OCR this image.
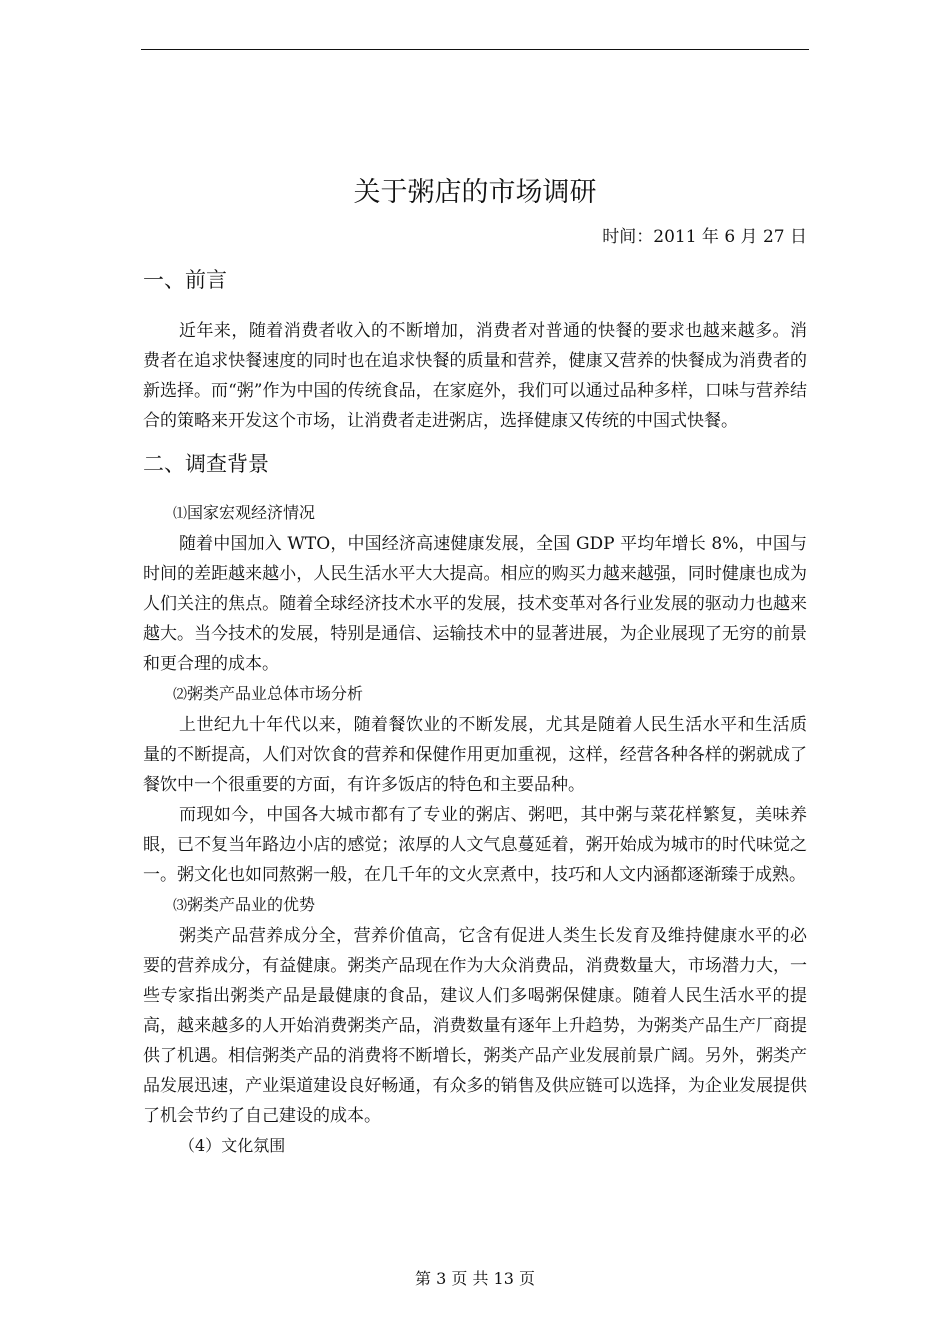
关于粥店的市场调研

时间：2011 年 6 月 27 日

一、前言

近年来，随着消费者收入的不断增加，消费者对普通的快餐的要求也越来越多。消费者在追求快餐速度的同时也在追求快餐的质量和营养，健康又营养的快餐成为消费者的新选择。而“粥”作为中国的传统食品，在家庭外，我们可以通过品种多样，口味与营养结合的策略来开发这个市场，让消费者走进粥店，选择健康又传统的中国式快餐。

二、调查背景

⑴国家宏观经济情况

随着中国加入 WTO，中国经济高速健康发展，全国 GDP 平均年增长 8%，中国与时间的差距越来越小，人民生活水平大大提高。相应的购买力越来越强，同时健康也成为人们关注的焦点。随着全球经济技术水平的发展，技术变革对各行业发展的驱动力也越来越大。当今技术的发展，特别是通信、运输技术中的显著进展，为企业展现了无穷的前景和更合理的成本。

⑵粥类产品业总体市场分析

上世纪九十年代以来，随着餐饮业的不断发展，尤其是随着人民生活水平和生活质量的不断提高，人们对饮食的营养和保健作用更加重视，这样，经营各种各样的粥就成了餐饮中一个很重要的方面，有许多饭店的特色和主要品种。

而现如今，中国各大城市都有了专业的粥店、粥吧，其中粥与菜花样繁复，美味养眼，已不复当年路边小店的感觉；浓厚的人文气息蔓延着，粥开始成为城市的时代味觉之一。粥文化也如同熬粥一般，在几千年的文火烹煮中，技巧和人文内涵都逐渐臻于成熟。

⑶粥类产品业的优势

粥类产品营养成分全，营养价值高，它含有促进人类生长发育及维持健康水平的必要的营养成分，有益健康。粥类产品现在作为大众消费品，消费数量大，市场潜力大，一些专家指出粥类产品是最健康的食品，建议人们多喝粥保健康。随着人民生活水平的提高，越来越多的人开始消费粥类产品，消费数量有逐年上升趋势，为粥类产品生产厂商提供了机遇。相信粥类产品的消费将不断增长，粥类产品产业发展前景广阔。另外，粥类产品发展迅速，产业渠道建设良好畅通，有众多的销售及供应链可以选择，为企业发展提供了机会节约了自己建设的成本。

（4）文化氛围

第 3 页 共 13 页
